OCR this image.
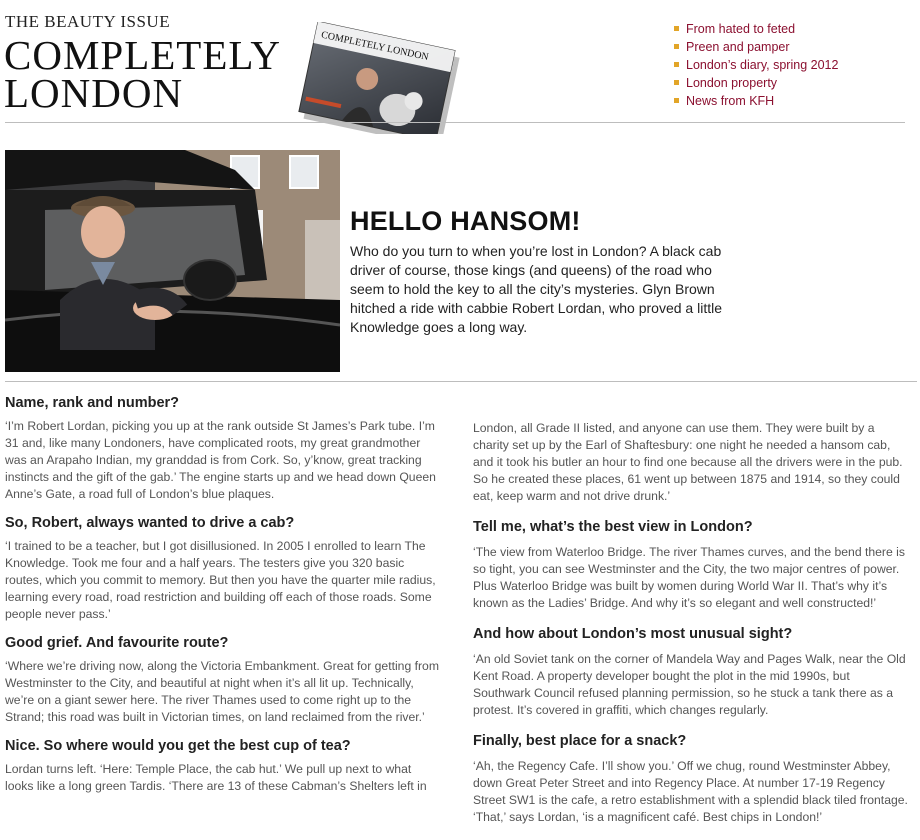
THE BEAUTY ISSUE
COMPLETELY
LONDON
COMPLETELY LONDON
From hated to feted
Preen and pamper
London’s diary, spring 2012
London property
News from KFH
HELLO HANSOM!

Who do you turn to when you’re lost in London? A black cab driver of course, those kings (and queens) of the road who seem to hold the key to all the city’s mysteries. Glyn Brown hitched a ride with cabbie Robert Lordan, who proved a little Knowledge goes a long way.

Name, rank and number?

‘I’m Robert Lordan, picking you up at the rank outside St James’s Park tube. I’m 31 and, like many Londoners, have complicated roots, my great grandmother was an Arapaho Indian, my granddad is from Cork. So, y’know, great tracking instincts and the gift of the gab.’ The engine starts up and we head down Queen Anne’s Gate, a road full of London’s blue plaques.

So, Robert, always wanted to drive a cab?

‘I trained to be a teacher, but I got disillusioned. In 2005 I enrolled to learn The Knowledge. Took me four and a half years. The testers give you 320 basic routes, which you commit to memory. But then you have the quarter mile radius, learning every road, road restriction and building off each of those roads. Some people never pass.’

Good grief. And favourite route?

‘Where we’re driving now, along the Victoria Embankment. Great for getting from Westminster to the City, and beautiful at night when it’s all lit up. Technically, we’re on a giant sewer here. The river Thames used to come right up to the Strand; this road was built in Victorian times, on land reclaimed from the river.’

Nice. So where would you get the best cup of tea?

Lordan turns left. ‘Here: Temple Place, the cab hut.’ We pull up next to what looks like a long green Tardis. ‘There are 13 of these Cabman’s Shelters left in

London, all Grade II listed, and anyone can use them. They were built by a charity set up by the Earl of Shaftesbury: one night he needed a hansom cab, and it took his butler an hour to find one because all the drivers were in the pub. So he created these places, 61 went up between 1875 and 1914, so they could eat, keep warm and not drive drunk.’

Tell me, what’s the best view in London?

‘The view from Waterloo Bridge. The river Thames curves, and the bend there is so tight, you can see Westminster and the City, the two major centres of power. Plus Waterloo Bridge was built by women during World War II. That’s why it’s known as the Ladies’ Bridge. And why it’s so elegant and well constructed!’

And how about London’s most unusual sight?

‘An old Soviet tank on the corner of Mandela Way and Pages Walk, near the Old Kent Road. A property developer bought the plot in the mid 1990s, but Southwark Council refused planning permission, so he stuck a tank there as a protest. It’s covered in graffiti, which changes regularly.

Finally, best place for a snack?

‘Ah, the Regency Cafe. I’ll show you.’ Off we chug, round Westminster Abbey, down Great Peter Street and into Regency Place. At number 17-19 Regency Street SW1 is the cafe, a retro establishment with a splendid black tiled frontage. ‘That,’ says Lordan, ‘is a magnificent café. Best chips in London!’
